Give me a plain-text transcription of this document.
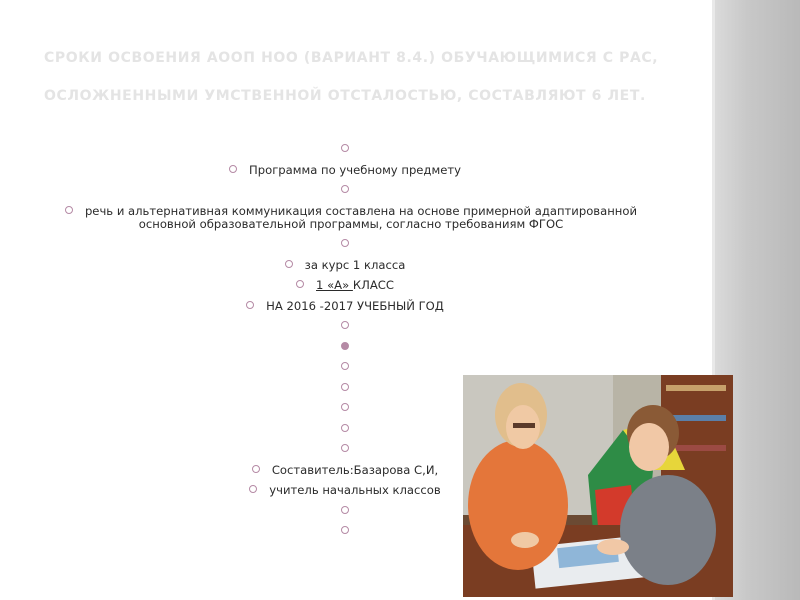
СРОКИ ОСВОЕНИЯ АООП НОО (ВАРИАНТ 8.4.) ОБУЧАЮЩИМИСЯ С РАС,
ОСЛОЖНЕННЫМИ УМСТВЕННОЙ ОТСТАЛОСТЬЮ, СОСТАВЛЯЮТ 6 ЛЕТ.
Программа по учебному предмету
речь и альтернативная коммуникация составлена на основе примерной адаптированной основной образовательной программы, согласно требованиям ФГОС
за курс 1 класса
1 «А» КЛАСС
НА 2016 -2017 УЧЕБНЫЙ ГОД
Составитель:Базарова С,И,
учитель начальных классов
